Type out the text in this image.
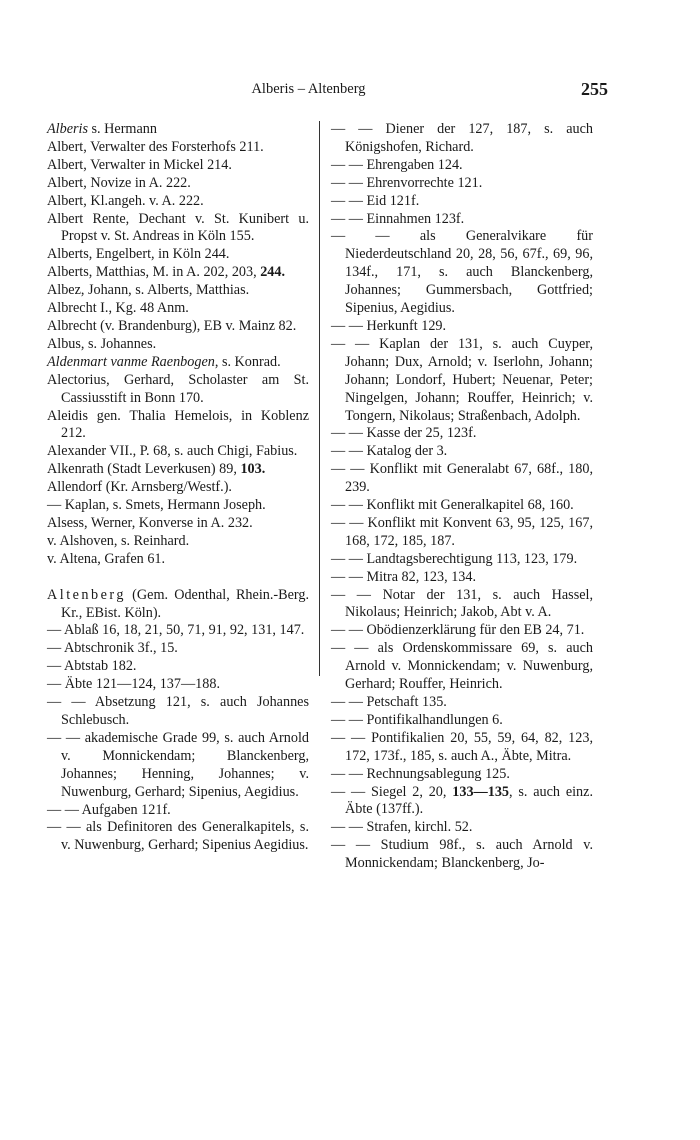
Alberis – Altenberg	255
Alberis s. Hermann
Albert, Verwalter des Forsterhofs 211.
Albert, Verwalter in Mickel 214.
Albert, Novize in A. 222.
Albert, Kl.angeh. v. A. 222.
Albert Rente, Dechant v. St. Kunibert u. Propst v. St. Andreas in Köln 155.
Alberts, Engelbert, in Köln 244.
Alberts, Matthias, M. in A. 202, 203, 244.
Albez, Johann, s. Alberts, Matthias.
Albrecht I., Kg. 48 Anm.
Albrecht (v. Brandenburg), EB v. Mainz 82.
Albus, s. Johannes.
Aldenmart vanme Raenbogen, s. Konrad.
Alectorius, Gerhard, Scholaster am St. Cassiusstift in Bonn 170.
Aleidis gen. Thalia Hemelois, in Koblenz 212.
Alexander VII., P. 68, s. auch Chigi, Fabius.
Alkenrath (Stadt Leverkusen) 89, 103.
Allendorf (Kr. Arnsberg/Westf.).
— Kaplan, s. Smets, Hermann Joseph.
Alsess, Werner, Konverse in A. 232.
v. Alshoven, s. Reinhard.
v. Altena, Grafen 61.
Altenberg (Gem. Odenthal, Rhein.-Berg. Kr., EBist. Köln).
— Ablaß 16, 18, 21, 50, 71, 91, 92, 131, 147.
— Abtschronik 3f., 15.
— Abtstab 182.
— Äbte 121—124, 137—188.
— — Absetzung 121, s. auch Johannes Schlebusch.
— — akademische Grade 99, s. auch Arnold v. Monnickendam; Blanckenberg, Johannes; Henning, Johannes; v. Nuwenburg, Gerhard; Sipenius, Aegidius.
— — Aufgaben 121f.
— — als Definitoren des Generalkapitels, s. v. Nuwenburg, Gerhard; Sipenius Aegidius.
— — Diener der 127, 187, s. auch Königshofen, Richard.
— — Ehrengaben 124.
— — Ehrenvorrechte 121.
— — Eid 121f.
— — Einnahmen 123f.
— — als Generalvikare für Niederdeutschland 20, 28, 56, 67f., 69, 96, 134f., 171, s. auch Blanckenberg, Johannes; Gummersbach, Gottfried; Sipenius, Aegidius.
— — Herkunft 129.
— — Kaplan der 131, s. auch Cuyper, Johann; Dux, Arnold; v. Iserlohn, Johann; Johann; Londorf, Hubert; Neuenar, Peter; Ningelgen, Johann; Rouffer, Heinrich; v. Tongern, Nikolaus; Straßenbach, Adolph.
— — Kasse der 25, 123f.
— — Katalog der 3.
— — Konflikt mit Generalabt 67, 68f., 180, 239.
— — Konflikt mit Generalkapitel 68, 160.
— — Konflikt mit Konvent 63, 95, 125, 167, 168, 172, 185, 187.
— — Landtagsberechtigung 113, 123, 179.
— — Mitra 82, 123, 134.
— — Notar der 131, s. auch Hassel, Nikolaus; Heinrich; Jakob, Abt v. A.
— — Obödienzerklärung für den EB 24, 71.
— — als Ordenskommissare 69, s. auch Arnold v. Monnickendam; v. Nuwenburg, Gerhard; Rouffer, Heinrich.
— — Petschaft 135.
— — Pontifikalhandlungen 6.
— — Pontifikalien 20, 55, 59, 64, 82, 123, 172, 173f., 185, s. auch A., Äbte, Mitra.
— — Rechnungsablegung 125.
— — Siegel 2, 20, 133—135, s. auch einz. Äbte (137ff.).
— — Strafen, kirchl. 52.
— — Studium 98f., s. auch Arnold v. Monnickendam; Blanckenberg, Jo-
